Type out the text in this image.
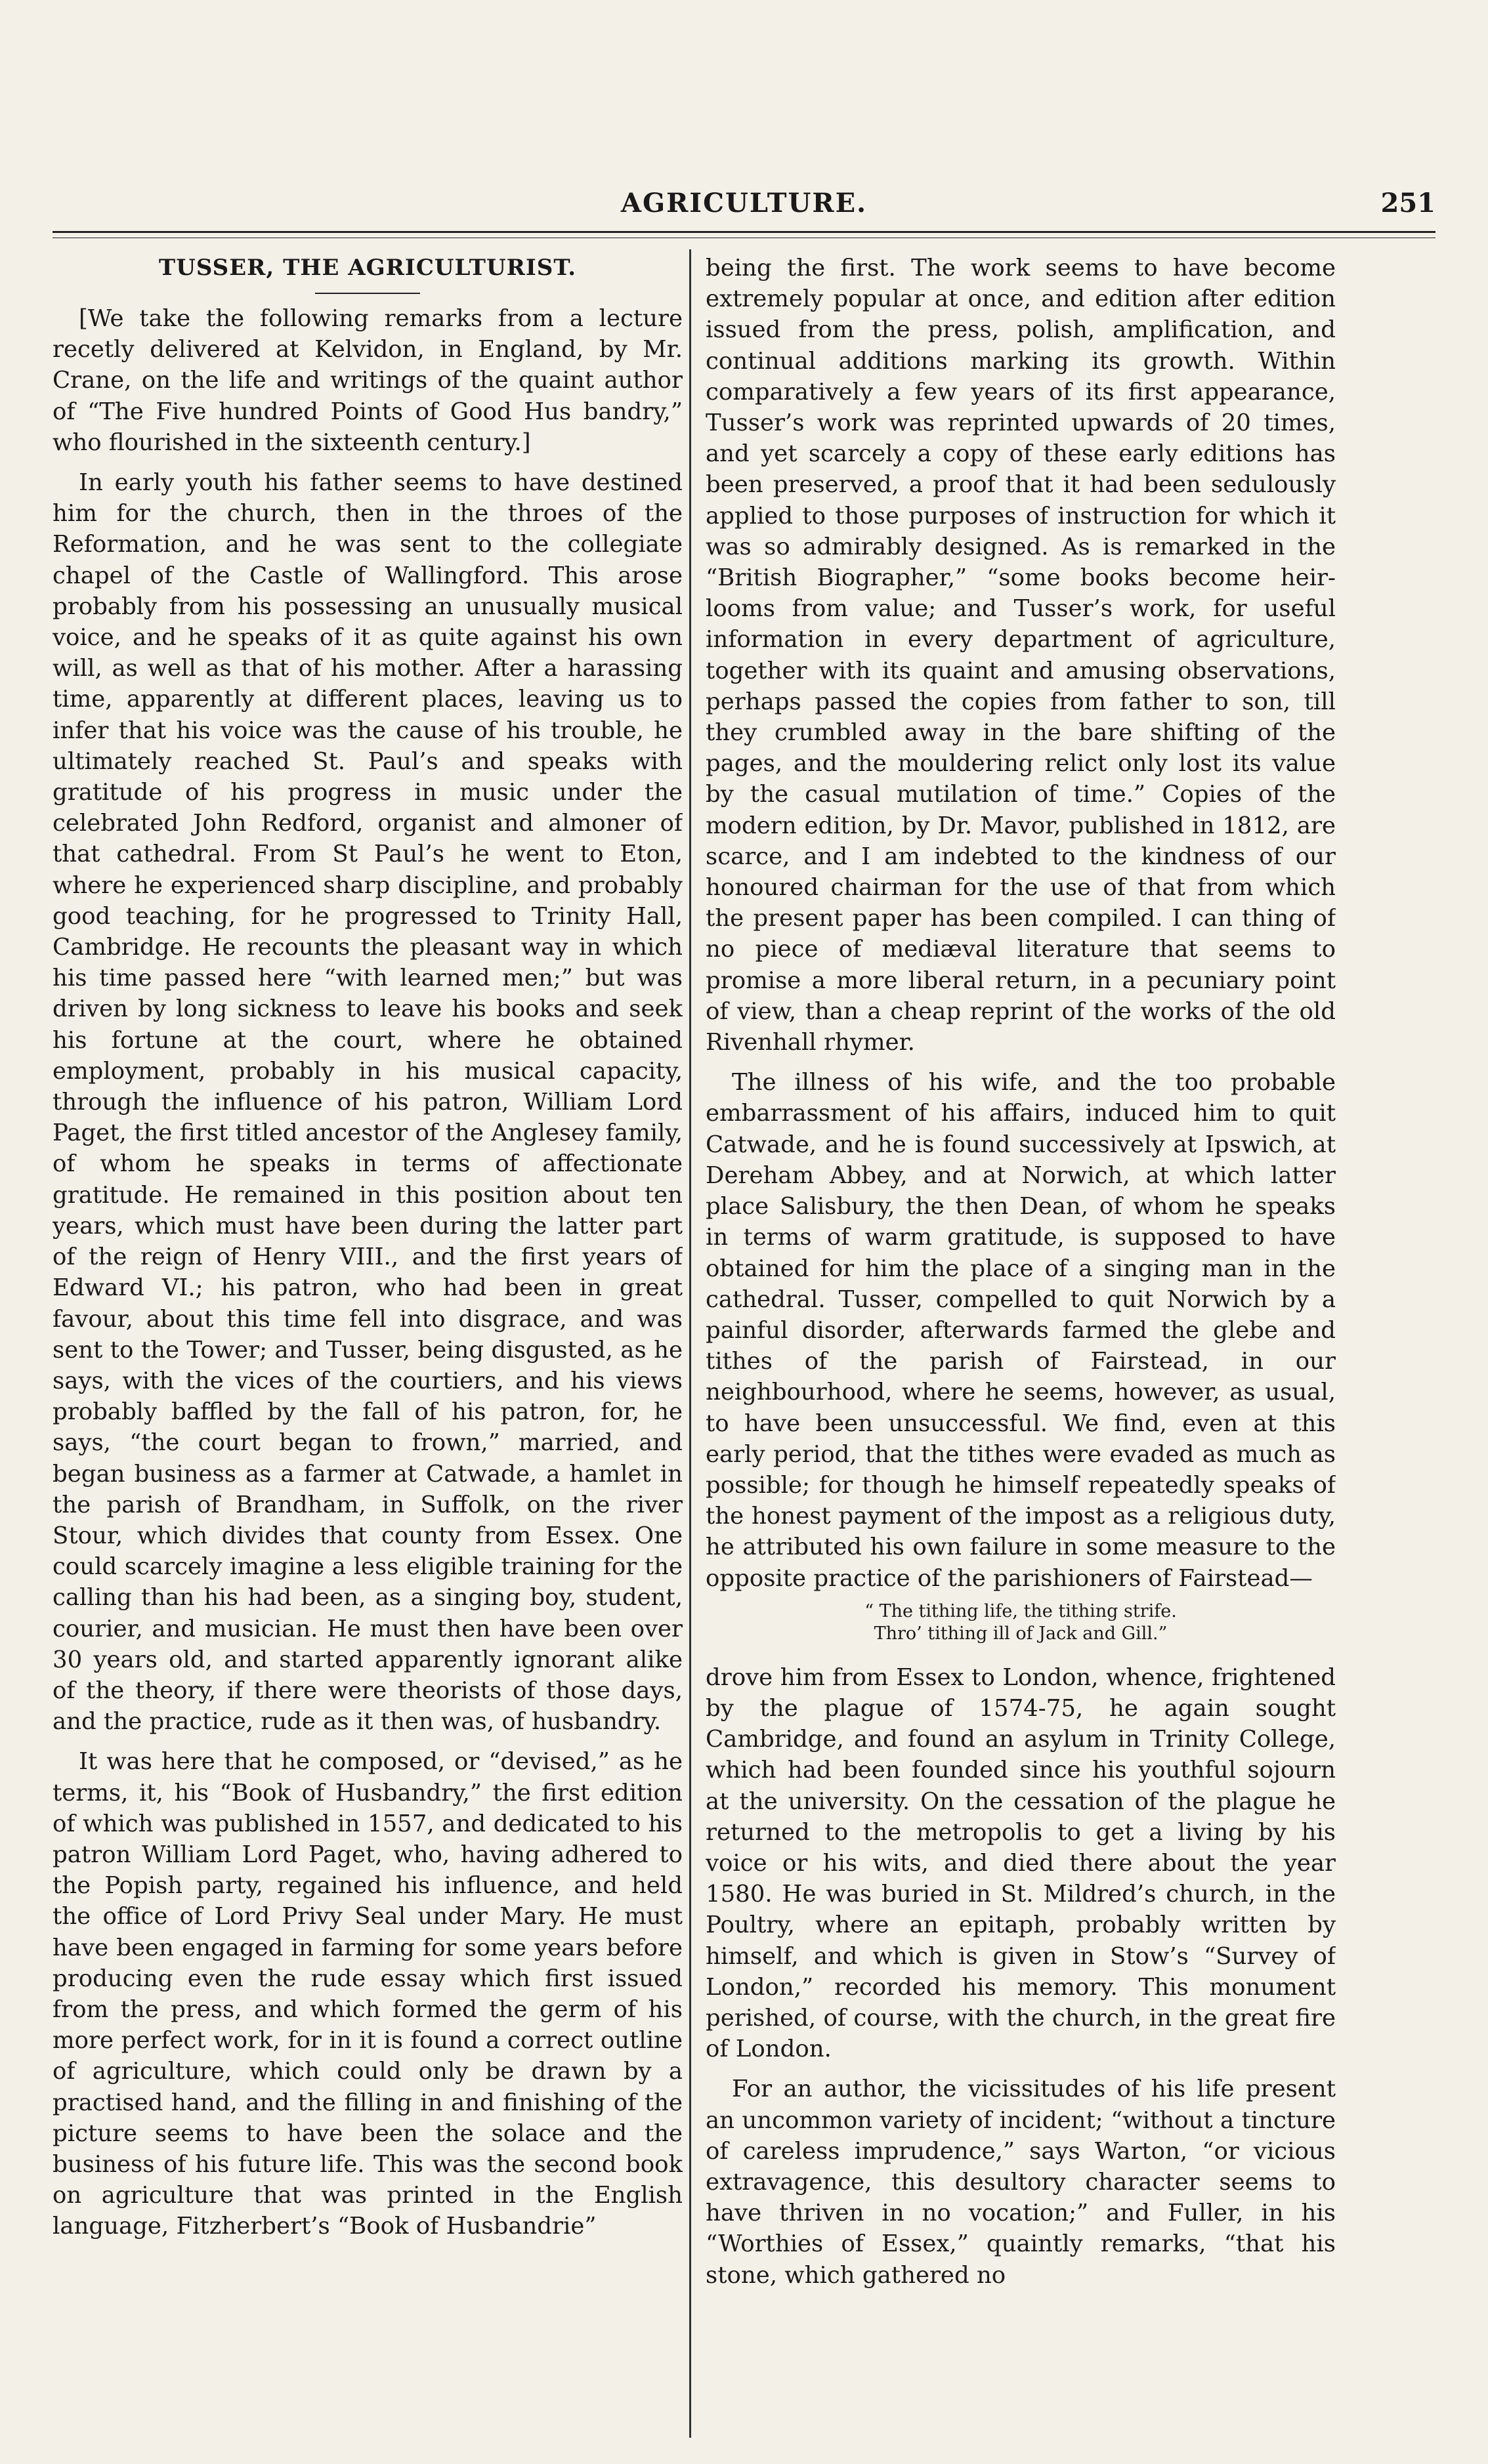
AGRICULTURE.	251
TUSSER, THE AGRICULTURIST.

[We take the following remarks from a lecture recetly delivered at Kelvidon, in England, by Mr. Crane, on the life and writings of the quaint author of “The Five hundred Points of Good Hus bandry,” who flourished in the sixteenth century.]

In early youth his father seems to have destined him for the church, then in the throes of the Reformation, and he was sent to the collegiate chapel of the Castle of Wallingford. This arose probably from his possessing an unusually musical voice, and he speaks of it as quite against his own will, as well as that of his mother. After a harassing time, apparently at different places, leaving us to infer that his voice was the cause of his trouble, he ultimately reached St. Paul’s and speaks with gratitude of his progress in music under the celebrated John Redford, organist and almoner of that cathedral. From St Paul’s he went to Eton, where he experienced sharp discipline, and probably good teaching, for he progressed to Trinity Hall, Cambridge. He recounts the pleasant way in which his time passed here “with learned men;” but was driven by long sickness to leave his books and seek his fortune at the court, where he obtained employment, probably in his musical capacity, through the influence of his patron, William Lord Paget, the first titled ancestor of the Anglesey family, of whom he speaks in terms of affectionate gratitude. He remained in this position about ten years, which must have been during the latter part of the reign of Henry VIII., and the first years of Edward VI.; his patron, who had been in great favour, about this time fell into disgrace, and was sent to the Tower; and Tusser, being disgusted, as he says, with the vices of the courtiers, and his views probably baffled by the fall of his patron, for, he says, “the court began to frown,” married, and began business as a farmer at Catwade, a hamlet in the parish of Brandham, in Suffolk, on the river Stour, which divides that county from Essex. One could scarcely imagine a less eligible training for the calling than his had been, as a singing boy, student, courier, and musician. He must then have been over 30 years old, and started apparently ignorant alike of the theory, if there were theorists of those days, and the practice, rude as it then was, of husbandry.

It was here that he composed, or “devised,” as he terms, it, his “Book of Husbandry,” the first edition of which was published in 1557, and dedicated to his patron William Lord Paget, who, having adhered to the Popish party, regained his influence, and held the office of Lord Privy Seal under Mary. He must have been engaged in farming for some years before producing even the rude essay which first issued from the press, and which formed the germ of his more perfect work, for in it is found a correct outline of agriculture, which could only be drawn by a practised hand, and the filling in and finishing of the picture seems to have been the solace and the business of his future life. This was the second book on agriculture that was printed in the English language, Fitzherbert’s “Book of Husbandrie”

being the first. The work seems to have become extremely popular at once, and edition after edition issued from the press, polish, amplification, and continual additions marking its growth. Within comparatively a few years of its first appearance, Tusser’s work was reprinted upwards of 20 times, and yet scarcely a copy of these early editions has been preserved, a proof that it had been sedulously applied to those purposes of instruction for which it was so admirably designed. As is remarked in the “British Biographer,” “some books become heir-looms from value; and Tusser’s work, for useful information in every department of agriculture, together with its quaint and amusing observations, perhaps passed the copies from father to son, till they crumbled away in the bare shifting of the pages, and the mouldering relict only lost its value by the casual mutilation of time.” Copies of the modern edition, by Dr. Mavor, published in 1812, are scarce, and I am indebted to the kindness of our honoured chairman for the use of that from which the present paper has been compiled. I can thing of no piece of mediæval literature that seems to promise a more liberal return, in a pecuniary point of view, than a cheap reprint of the works of the old Rivenhall rhymer.

The illness of his wife, and the too probable embarrassment of his affairs, induced him to quit Catwade, and he is found successively at Ipswich, at Dereham Abbey, and at Norwich, at which latter place Salisbury, the then Dean, of whom he speaks in terms of warm gratitude, is supposed to have obtained for him the place of a singing man in the cathedral. Tusser, compelled to quit Norwich by a painful disorder, afterwards farmed the glebe and tithes of the parish of Fairstead, in our neighbourhood, where he seems, however, as usual, to have been unsuccessful. We find, even at this early period, that the tithes were evaded as much as possible; for though he himself repeatedly speaks of the honest payment of the impost as a religious duty, he attributed his own failure in some measure to the opposite practice of the parishioners of Fairstead—

“ The tithing life, the tithing strife.
Thro’ tithing ill of Jack and Gill.”

drove him from Essex to London, whence, frightened by the plague of 1574-75, he again sought Cambridge, and found an asylum in Trinity College, which had been founded since his youthful sojourn at the university. On the cessation of the plague he returned to the metropolis to get a living by his voice or his wits, and died there about the year 1580. He was buried in St. Mildred’s church, in the Poultry, where an epitaph, probably written by himself, and which is given in Stow’s “Survey of London,” recorded his memory. This monument perished, of course, with the church, in the great fire of London.

For an author, the vicissitudes of his life present an uncommon variety of incident; “without a tincture of careless imprudence,” says Warton, “or vicious extravagence, this desultory character seems to have thriven in no vocation;” and Fuller, in his “Worthies of Essex,” quaintly remarks, “that his stone, which gathered no
